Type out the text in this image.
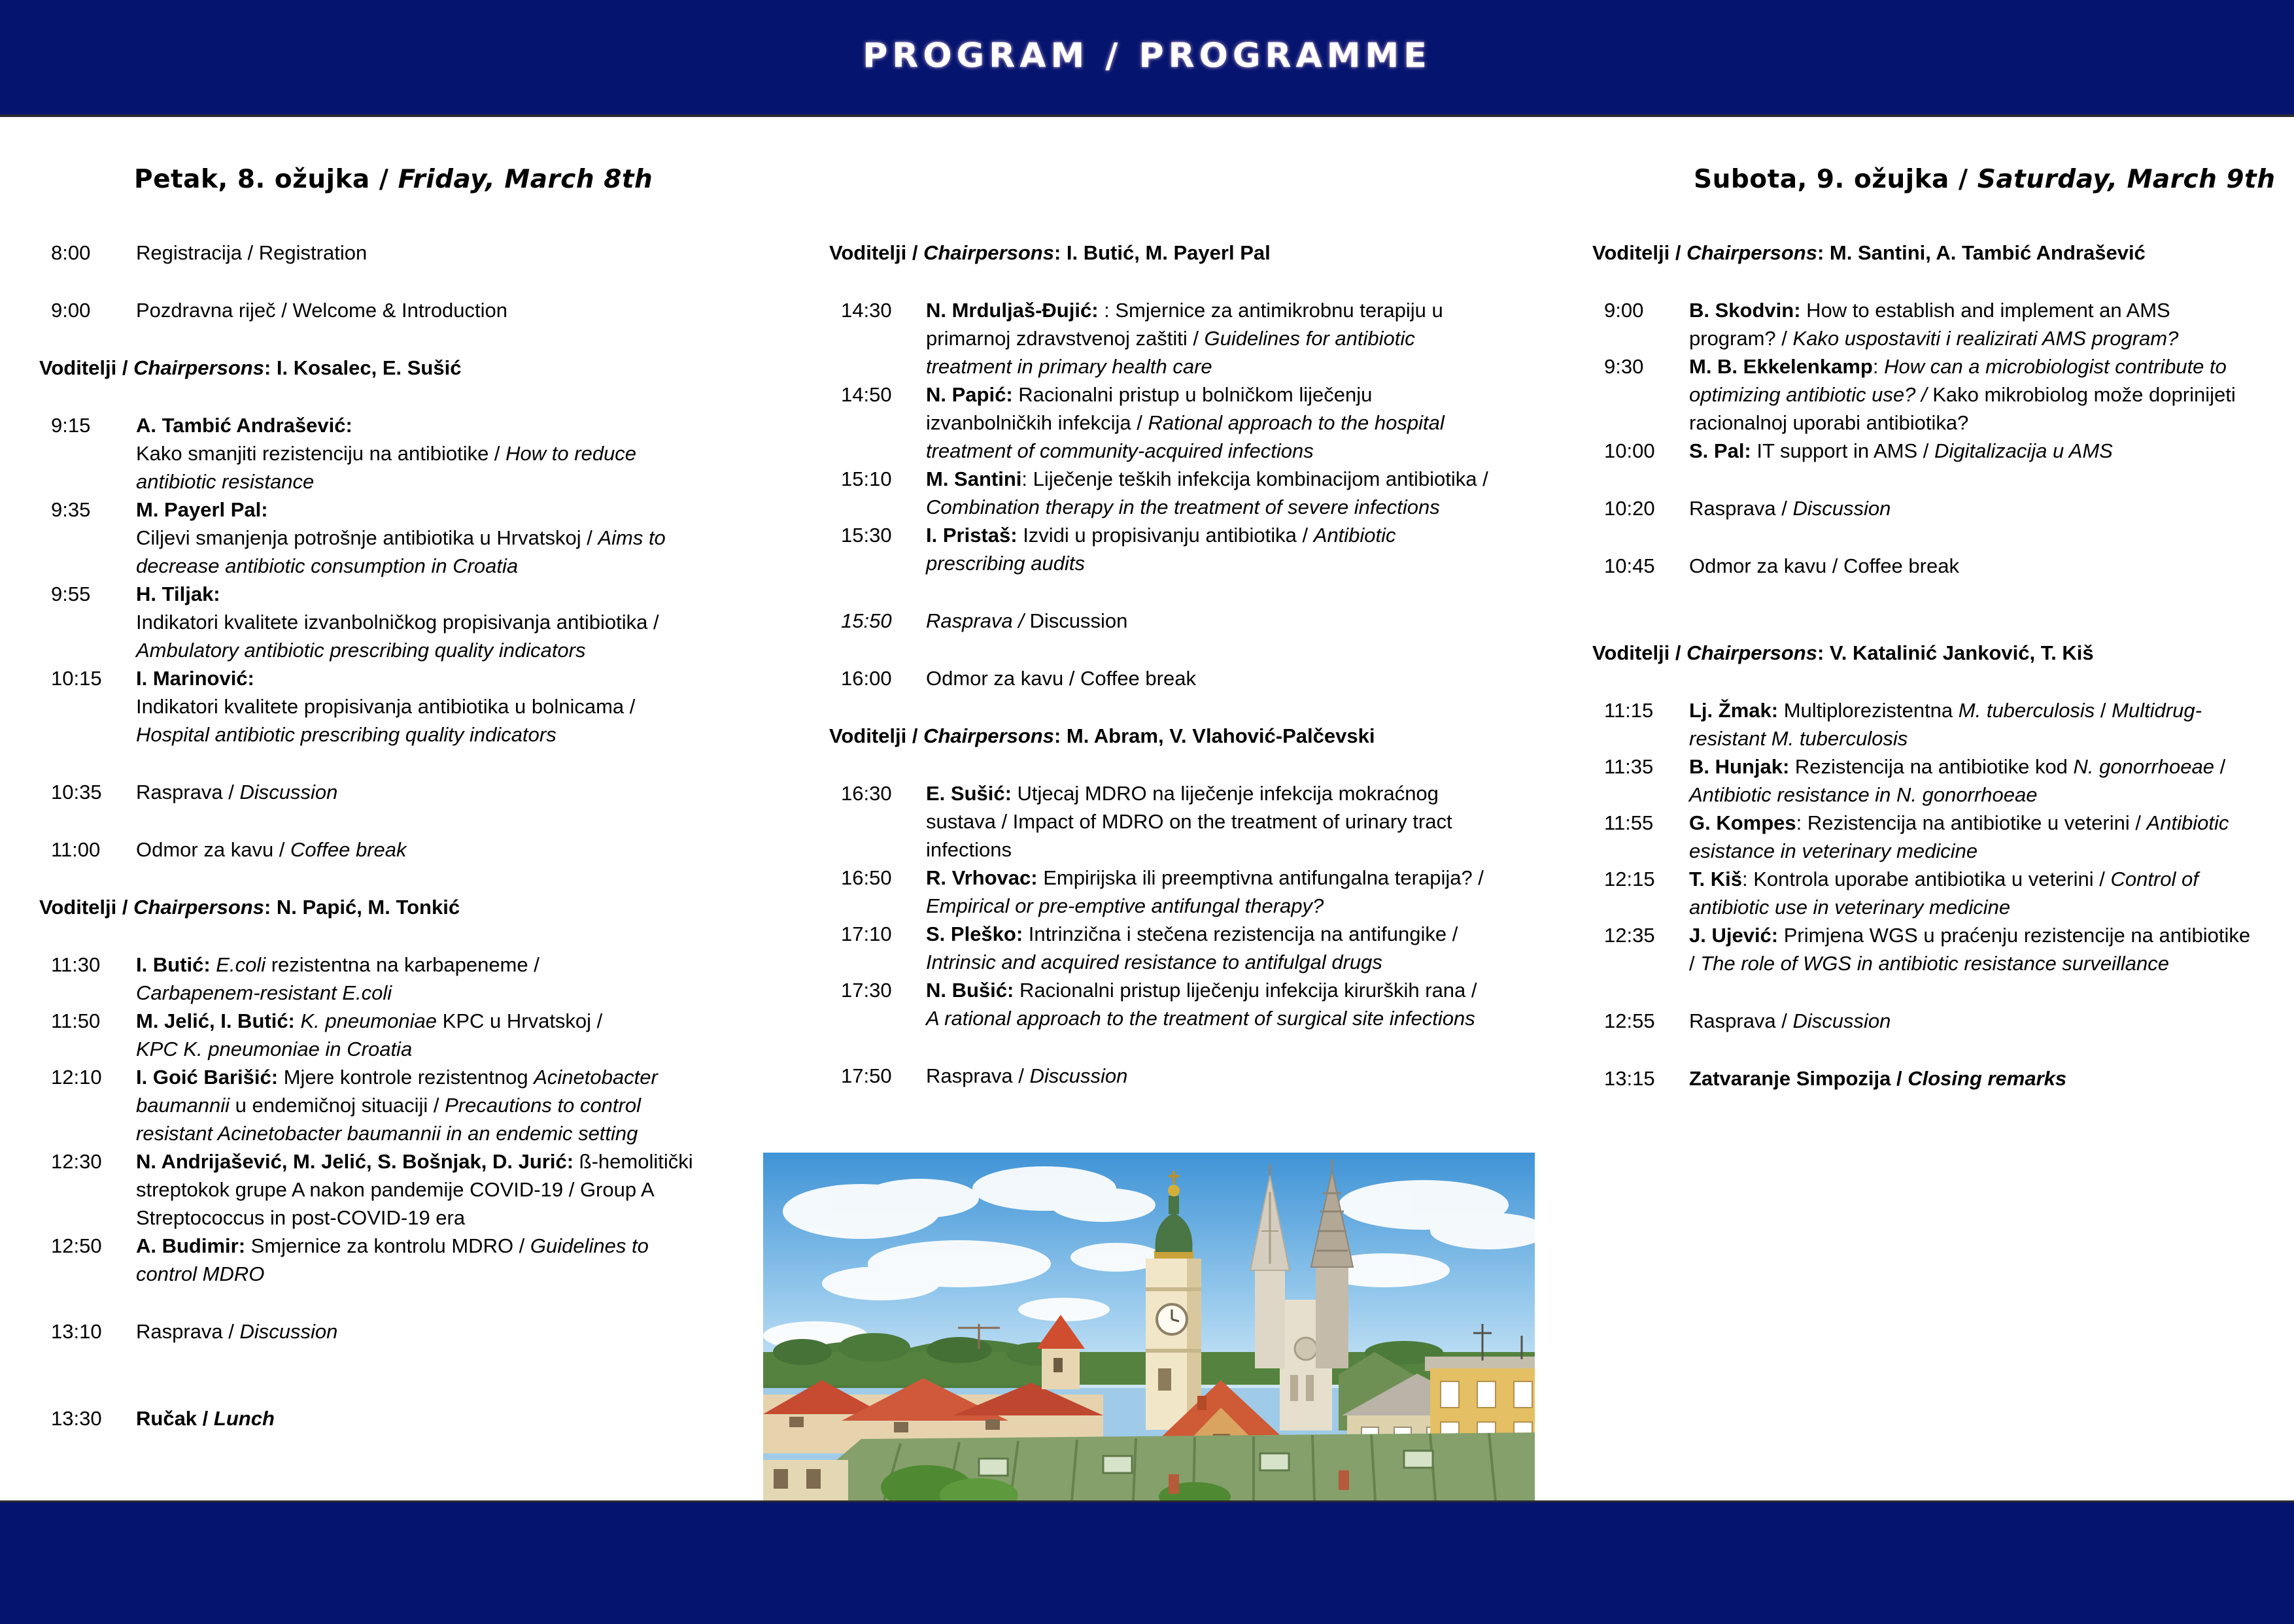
PROGRAM / PROGRAMME
Petak, 8. ožujka / Friday, March 8th	Subota, 9. ožujka / Saturday, March 9th
8:00	Registracija / Registration
9:00	Pozdravna riječ / Welcome & Introduction
Voditelji / Chairpersons: I. Kosalec, E. Sušić
9:15	A. Tambić Andrašević:
Kako smanjiti rezistenciju na antibiotike / How to reduce
antibiotic resistance
9:35	M. Payerl Pal:
Ciljevi smanjenja potrošnje antibiotika u Hrvatskoj / Aims to
decrease antibiotic consumption in Croatia
9:55	H. Tiljak:
Indikatori kvalitete izvanbolničkog propisivanja antibiotika /
Ambulatory antibiotic prescribing quality indicators
10:15	I. Marinović:
Indikatori kvalitete propisivanja antibiotika u bolnicama /
Hospital antibiotic prescribing quality indicators
10:35	Rasprava / Discussion
11:00	Odmor za kavu / Coffee break
Voditelji / Chairpersons: N. Papić, M. Tonkić
11:30	I. Butić: E.coli rezistentna na karbapeneme /
Carbapenem-resistant E.coli
11:50	M. Jelić, I. Butić: K. pneumoniae KPC u Hrvatskoj /
KPC K. pneumoniae in Croatia
12:10	I. Goić Barišić: Mjere kontrole rezistentnog Acinetobacter
baumannii u endemičnoj situaciji / Precautions to control
resistant Acinetobacter baumannii in an endemic setting
12:30	N. Andrijašević, M. Jelić, S. Bošnjak, D. Jurić: ß-hemolitički
streptokok grupe A nakon pandemije COVID-19 / Group A
Streptococcus in post-COVID-19 era
12:50	A. Budimir: Smjernice za kontrolu MDRO / Guidelines to
control MDRO
13:10	Rasprava / Discussion
13:30	Ručak / Lunch
Voditelji / Chairpersons: I. Butić, M. Payerl Pal
14:30	N. Mrduljaš-Đujić: : Smjernice za antimikrobnu terapiju u
primarnoj zdravstvenoj zaštiti / Guidelines for antibiotic
treatment in primary health care
14:50	N. Papić: Racionalni pristup u bolničkom liječenju
izvanbolničkih infekcija / Rational approach to the hospital
treatment of community-acquired infections
15:10	M. Santini: Liječenje teških infekcija kombinacijom antibiotika /
Combination therapy in the treatment of severe infections
15:30	I. Pristaš: Izvidi u propisivanju antibiotika / Antibiotic
prescribing audits
15:50	Rasprava / Discussion
16:00	Odmor za kavu / Coffee break
Voditelji / Chairpersons: M. Abram, V. Vlahović-Palčevski
16:30	E. Sušić: Utjecaj MDRO na liječenje infekcija mokraćnog
sustava / Impact of MDRO on the treatment of urinary tract
infections
16:50	R. Vrhovac: Empirijska ili preemptivna antifungalna terapija? /
Empirical or pre-emptive antifungal therapy?
17:10	S. Pleško: Intrinzična i stečena rezistencija na antifungike /
Intrinsic and acquired resistance to antifulgal drugs
17:30	N. Bušić: Racionalni pristup liječenju infekcija kirurških rana /
A rational approach to the treatment of surgical site infections
17:50	Rasprava / Discussion
Voditelji / Chairpersons: M. Santini, A. Tambić Andrašević
9:00	B. Skodvin: How to establish and implement an AMS
program? / Kako uspostaviti i realizirati AMS program?
9:30	M. B. Ekkelenkamp: How can a microbiologist contribute to
optimizing antibiotic use? / Kako mikrobiolog može doprinijeti
racionalnoj uporabi antibiotika?
10:00	S. Pal: IT support in AMS / Digitalizacija u AMS
10:20	Rasprava / Discussion
10:45	Odmor za kavu / Coffee break
Voditelji / Chairpersons: V. Katalinić Janković, T. Kiš
11:15	Lj. Žmak: Multiplorezistentna M. tuberculosis / Multidrug-
resistant M. tuberculosis
11:35	B. Hunjak: Rezistencija na antibiotike kod N. gonorrhoeae /
Antibiotic resistance in N. gonorrhoeae
11:55	G. Kompes: Rezistencija na antibiotike u veterini / Antibiotic
esistance in veterinary medicine
12:15	T. Kiš: Kontrola uporabe antibiotika u veterini / Control of
antibiotic use in veterinary medicine
12:35	J. Ujević: Primjena WGS u praćenju rezistencije na antibiotike
/ The role of WGS in antibiotic resistance surveillance
12:55	Rasprava / Discussion
13:15	Zatvaranje Simpozija / Closing remarks
